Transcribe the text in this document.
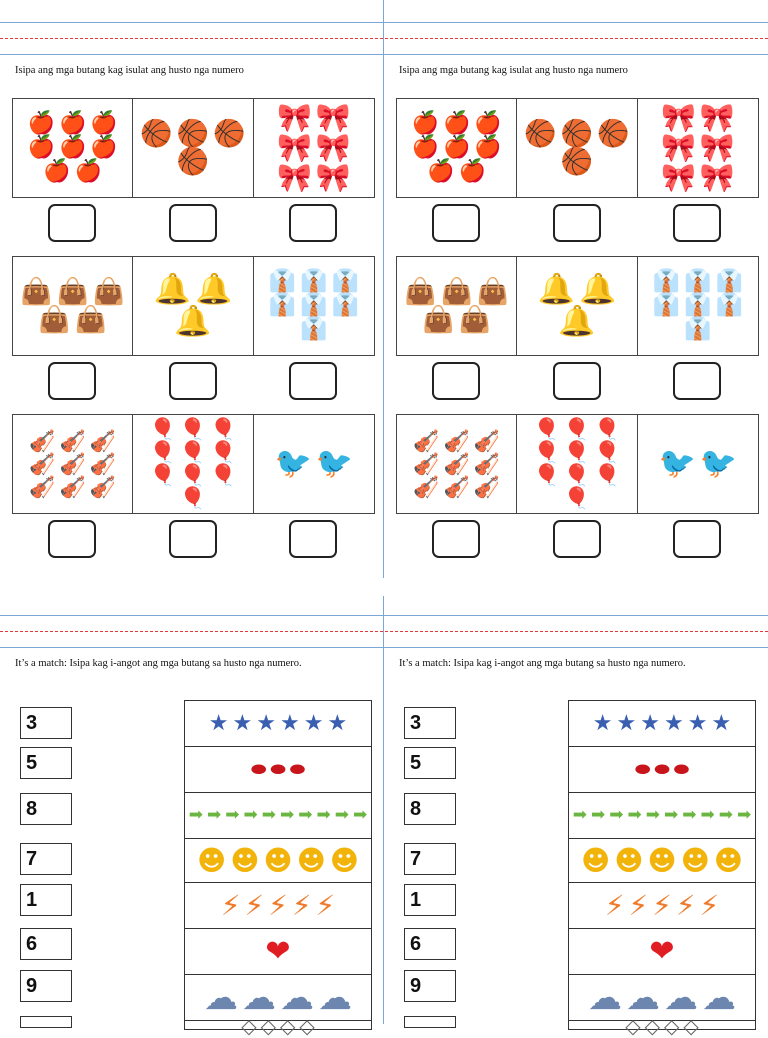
Isipa ang mga butang kag isulat ang husto nga numero
🍎 🍎 🍎
🍎 🍎 🍎
🍎 🍎
🏀 🏀 🏀
🏀
🎀 🎀
🎀 🎀
🎀 🎀
👜 👜 👜
👜 👜
🔔 🔔
🔔
👔 👔 👔
👔 👔 👔
👔
🎻 🎻 🎻
🎻 🎻 🎻
🎻 🎻 🎻
🎈 🎈 🎈
🎈 🎈 🎈
🎈 🎈 🎈
🎈
🐦 🐦
It’s a match: Isipa kag i-angot ang mga butang sa husto nga numero.
3
5
8
7
1
6
9
★ ★ ★ ★ ★ ★
⬬ ⬬ ⬬
➡ ➡ ➡ ➡ ➡ ➡ ➡ ➡ ➡ ➡
☻ ☻ ☻ ☻ ☻
⚡ ⚡ ⚡ ⚡ ⚡
❤
☁ ☁ ☁ ☁
◇ ◇ ◇ ◇
Isipa ang mga butang kag isulat ang husto nga numero
🍎 🍎 🍎
🍎 🍎 🍎
🍎 🍎
🏀 🏀 🏀
🏀
🎀 🎀
🎀 🎀
🎀 🎀
👜 👜 👜
👜 👜
🔔 🔔
🔔
👔 👔 👔
👔 👔 👔
👔
🎻 🎻 🎻
🎻 🎻 🎻
🎻 🎻 🎻
🎈 🎈 🎈
🎈 🎈 🎈
🎈 🎈 🎈
🎈
🐦 🐦
It’s a match: Isipa kag i-angot ang mga butang sa husto nga numero.
3
5
8
7
1
6
9
★ ★ ★ ★ ★ ★
⬬ ⬬ ⬬
➡ ➡ ➡ ➡ ➡ ➡ ➡ ➡ ➡ ➡
☻ ☻ ☻ ☻ ☻
⚡ ⚡ ⚡ ⚡ ⚡
❤
☁ ☁ ☁ ☁
◇ ◇ ◇ ◇
